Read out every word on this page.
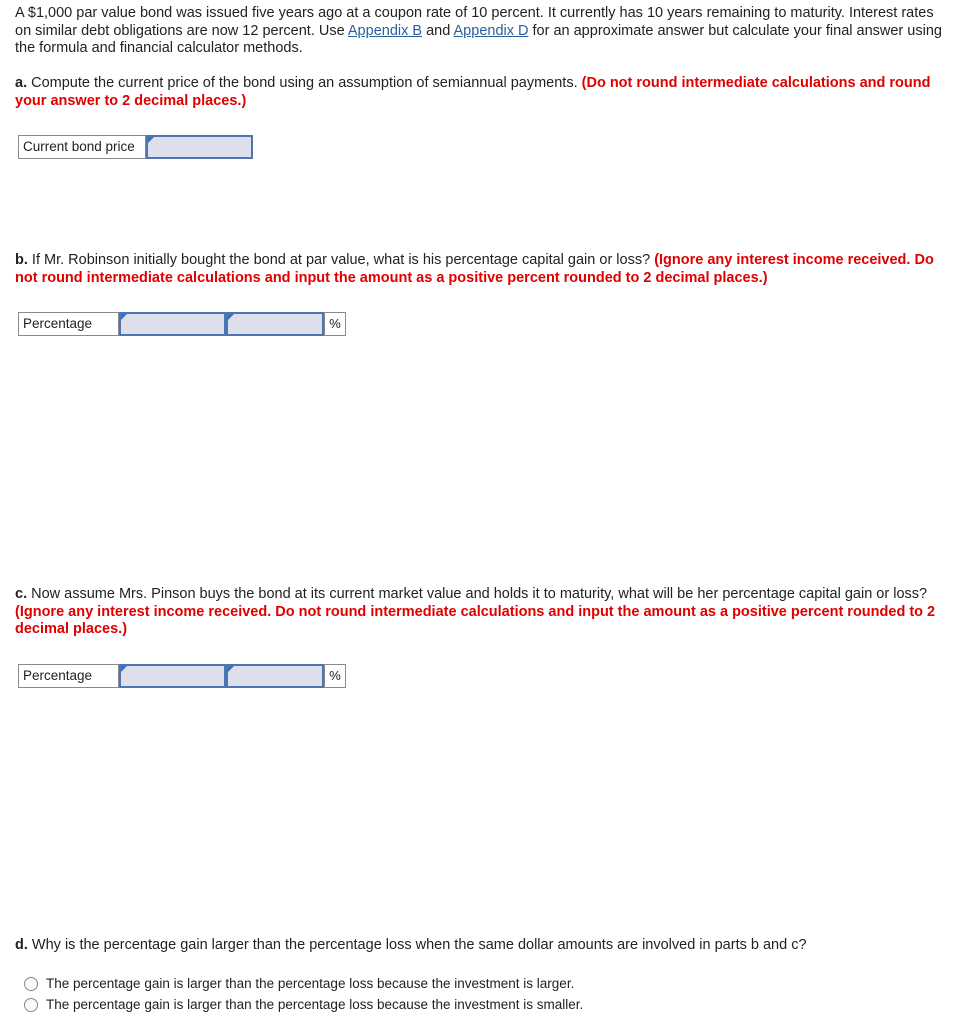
A $1,000 par value bond was issued five years ago at a coupon rate of 10 percent. It currently has 10 years remaining to maturity. Interest rates on similar debt obligations are now 12 percent. Use Appendix B and Appendix D for an approximate answer but calculate your final answer using the formula and financial calculator methods.
a. Compute the current price of the bond using an assumption of semiannual payments. (Do not round intermediate calculations and round your answer to 2 decimal places.)
Current bond price
b. If Mr. Robinson initially bought the bond at par value, what is his percentage capital gain or loss? (Ignore any interest income received. Do not round intermediate calculations and input the amount as a positive percent rounded to 2 decimal places.)
Percentage	%
c. Now assume Mrs. Pinson buys the bond at its current market value and holds it to maturity, what will be her percentage capital gain or loss? (Ignore any interest income received. Do not round intermediate calculations and input the amount as a positive percent rounded to 2 decimal places.)
Percentage	%
d. Why is the percentage gain larger than the percentage loss when the same dollar amounts are involved in parts b and c?
The percentage gain is larger than the percentage loss because the investment is larger.
The percentage gain is larger than the percentage loss because the investment is smaller.
